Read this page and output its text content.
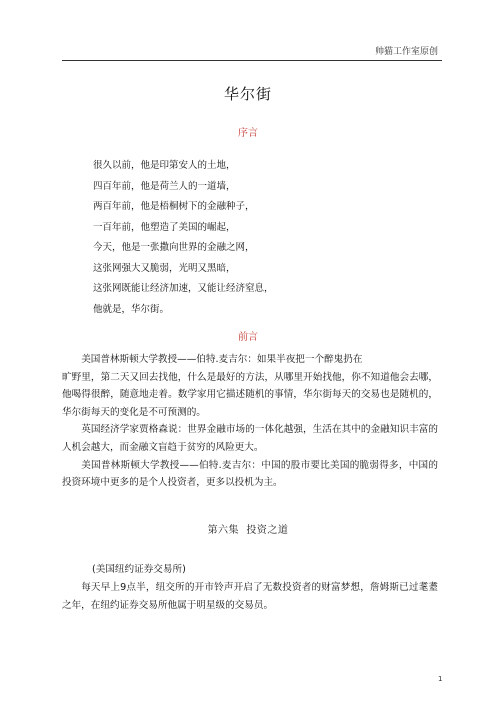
帅猫工作室原创
华尔街
序言
很久以前，他是印第安人的土地，
四百年前，他是荷兰人的一道墙，
两百年前，他是梧桐树下的金融种子，
一百年前，他塑造了美国的崛起，
今天，他是一张撒向世界的金融之网，
这张网强大又脆弱，光明又黑暗，
这张网既能让经济加速，又能让经济窒息，
他就是，华尔街。
前言
美国普林斯顿大学教授——伯特.麦吉尔：如果半夜把一个醉鬼扔在
旷野里，第二天又回去找他，什么是最好的方法，从哪里开始找他，你不知道他会去哪，他喝得很醉，随意地走着。数学家用它描述随机的事情，华尔街每天的交易也是随机的，华尔街每天的变化是不可预测的。
英国经济学家贾格森说：世界金融市场的一体化越强，生活在其中的金融知识丰富的人机会越大，而金融文盲趋于贫穷的风险更大。
美国普林斯顿大学教授——伯特.麦吉尔：中国的股市要比美国的脆弱得多，中国的投资环境中更多的是个人投资者，更多以投机为主。
第六集 投资之道
(美国纽约证券交易所)
每天早上9点半，纽交所的开市铃声开启了无数投资者的财富梦想，詹姆斯已过耄耋之年，在纽约证券交易所他属于明星级的交易员。
1
